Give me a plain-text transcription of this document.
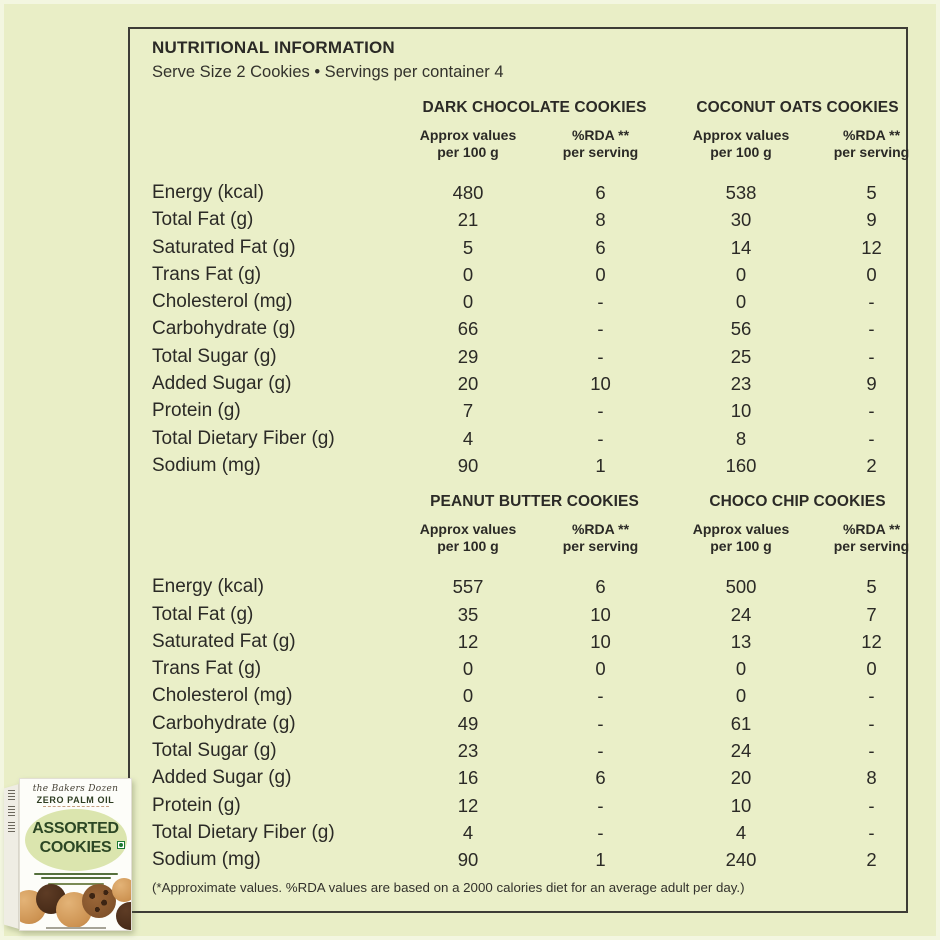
NUTRITIONAL INFORMATION
Serve Size 2 Cookies • Servings per container 4
DARK CHOCOLATE COOKIES	COCONUT OATS COOKIES
Approx values
per 100 g
%RDA **
per serving
Approx values
per 100 g
%RDA **
per serving
Energy (kcal)	480	6	538	5
Total Fat (g)	21	8	30	9
Saturated Fat (g)	5	6	14	12
Trans Fat (g)	0	0	0	0
Cholesterol (mg)	0	-	0	-
Carbohydrate (g)	66	-	56	-
Total Sugar (g)	29	-	25	-
Added Sugar (g)	20	10	23	9
Protein (g)	7	-	10	-
Total Dietary Fiber (g)	4	-	8	-
Sodium (mg)	90	1	160	2
PEANUT BUTTER COOKIES	CHOCO CHIP COOKIES
Approx values
per 100 g
%RDA **
per serving
Approx values
per 100 g
%RDA **
per serving
Energy (kcal)	557	6	500	5
Total Fat (g)	35	10	24	7
Saturated Fat (g)	12	10	13	12
Trans Fat (g)	0	0	0	0
Cholesterol (mg)	0	-	0	-
Carbohydrate (g)	49	-	61	-
Total Sugar (g)	23	-	24	-
Added Sugar (g)	16	6	20	8
Protein (g)	12	-	10	-
Total Dietary Fiber (g)	4	-	4	-
Sodium (mg)	90	1	240	2
(*Approximate values. %RDA values are based on a 2000 calories diet for an average adult per day.)
the Bakers Dozen
ZERO PALM OIL
ASSORTED
COOKIES
